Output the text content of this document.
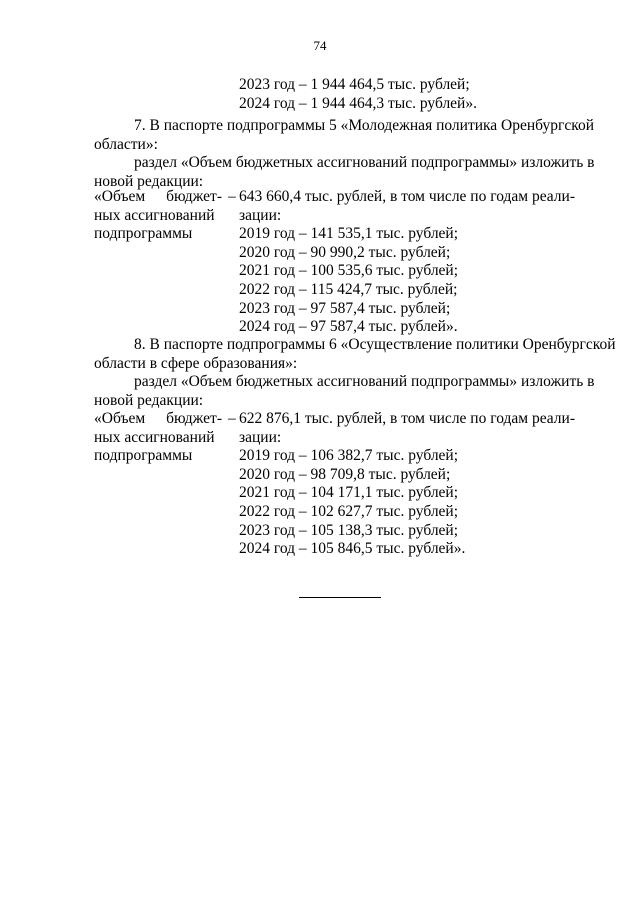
74
2023 год – 1 944 464,5 тыс. рублей;
2024 год – 1 944 464,3 тыс. рублей».
7. В паспорте подпрограммы 5 «Молодежная политика Оренбургской
области»:
раздел «Объем бюджетных ассигнований подпрограммы» изложить в
новой редакции:
«Объем бюджет-
ных ассигнований
подпрограммы
– 643 660,4 тыс. рублей, в том числе по годам реали-
зации:
2019 год – 141 535,1 тыс. рублей;
2020 год – 90 990,2 тыс. рублей;
2021 год – 100 535,6 тыс. рублей;
2022 год – 115 424,7 тыс. рублей;
2023 год – 97 587,4 тыс. рублей;
2024 год – 97 587,4 тыс. рублей».
8. В паспорте подпрограммы 6 «Осуществление политики Оренбургской
области в сфере образования»:
раздел «Объем бюджетных ассигнований подпрограммы» изложить в
новой редакции:
«Объем бюджет-
ных ассигнований
подпрограммы
– 622 876,1 тыс. рублей, в том числе по годам реали-
зации:
2019 год – 106 382,7 тыс. рублей;
2020 год – 98 709,8 тыс. рублей;
2021 год – 104 171,1 тыс. рублей;
2022 год – 102 627,7 тыс. рублей;
2023 год – 105 138,3 тыс. рублей;
2024 год – 105 846,5 тыс. рублей».
